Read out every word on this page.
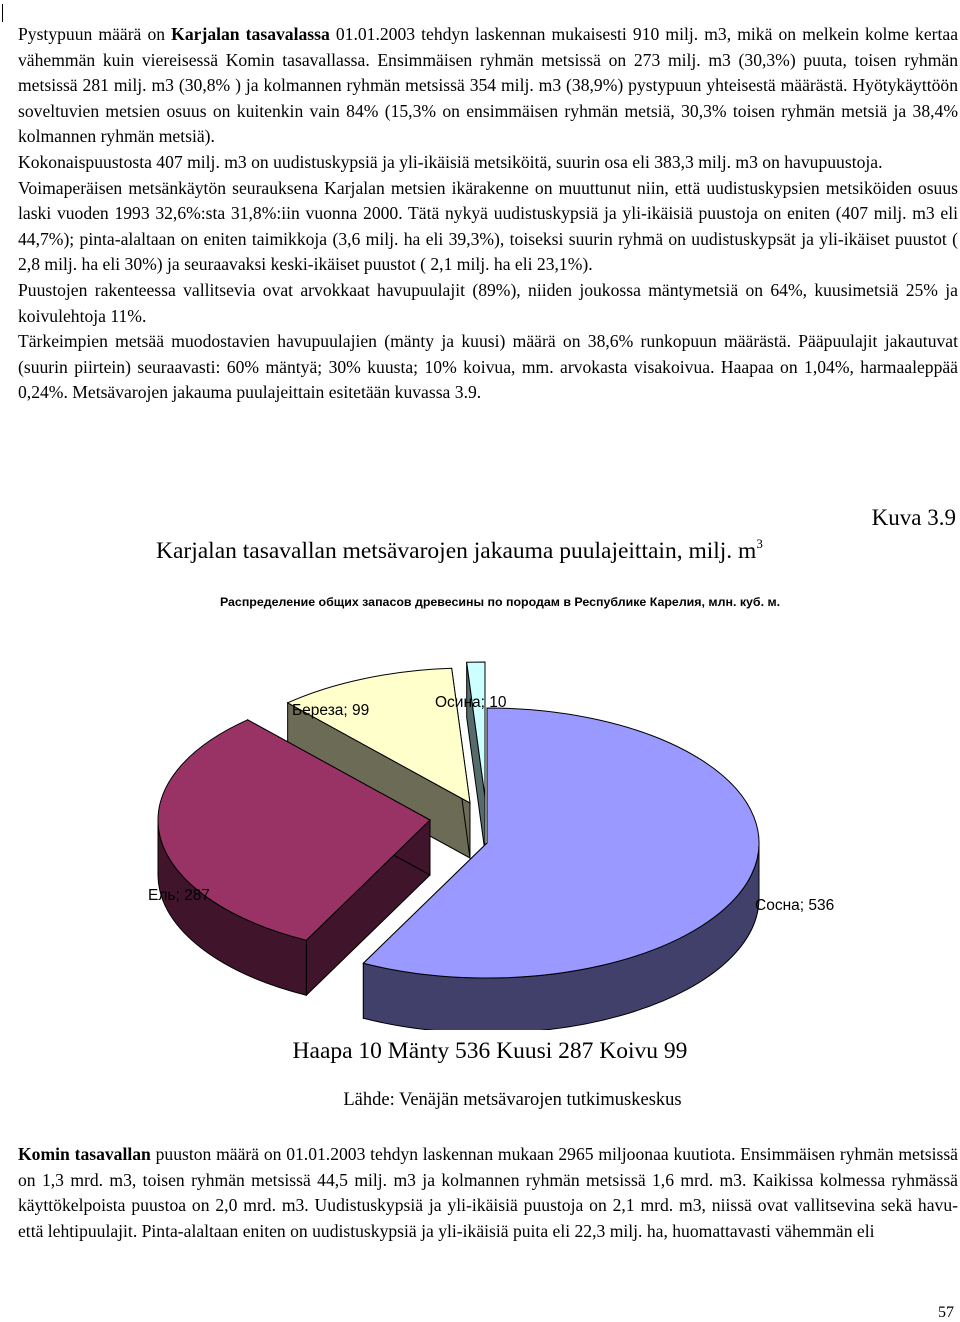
Pystypuun määrä on Karjalan tasavalassa 01.01.2003 tehdyn laskennan mukaisesti 910 milj. m3, mikä on melkein kolme kertaa vähemmän kuin viereisessä Komin tasavallassa. Ensimmäisen ryhmän metsissä on 273 milj. m3 (30,3%) puuta, toisen ryhmän metsissä 281 milj. m3 (30,8% ) ja kolmannen ryhmän metsissä 354 milj. m3 (38,9%) pystypuun yhteisestä määrästä. Hyötykäyttöön soveltuvien metsien osuus on kuitenkin vain 84% (15,3% on ensimmäisen ryhmän metsiä, 30,3% toisen ryhmän metsiä ja 38,4% kolmannen ryhmän metsiä).

Kokonaispuustosta 407 milj. m3 on uudistuskypsiä ja yli-ikäisiä metsiköitä, suurin osa eli 383,3 milj. m3 on havupuustoja.

Voimaperäisen metsänkäytön seurauksena Karjalan metsien ikärakenne on muuttunut niin, että uudistuskypsien metsiköiden osuus laski vuoden 1993 32,6%:sta 31,8%:iin vuonna 2000. Tätä nykyä uudistuskypsiä ja yli-ikäisiä puustoja on eniten (407 milj. m3 eli 44,7%); pinta-alaltaan on eniten taimikkoja (3,6 milj. ha eli 39,3%), toiseksi suurin ryhmä on uudistuskypsät ja yli-ikäiset puustot ( 2,8 milj. ha eli 30%) ja seuraavaksi keski-ikäiset puustot ( 2,1 milj. ha eli 23,1%).

Puustojen rakenteessa vallitsevia ovat arvokkaat havupuulajit (89%), niiden joukossa mäntymetsiä on 64%, kuusimetsiä 25% ja koivulehtoja 11%.

Tärkeimpien metsää muodostavien havupuulajien (mänty ja kuusi) määrä on 38,6% runkopuun määrästä. Pääpuulajit jakautuvat (suurin piirtein) seuraavasti: 60% mäntyä; 30% kuusta; 10% koivua, mm. arvokasta visakoivua. Haapaa on 1,04%, harmaaleppää 0,24%. Metsävarojen jakauma puulajeittain esitetään kuvassa 3.9.

Kuva 3.9
Karjalan tasavallan metsävarojen jakauma puulajeittain, milj. $m^3$
Распределение общих запасов древесины по породам в Республике Карелия, млн. куб. м.
Сосна; 536
Ель; 287
Береза; 99	Осина; 10
Haapa 10 Mänty 536 Kuusi 287 Koivu 99
Lähde: Venäjän metsävarojen tutkimuskeskus

Komin tasavallan puuston määrä on 01.01.2003 tehdyn laskennan mukaan 2965 miljoonaa kuutiota. Ensimmäisen ryhmän metsissä on 1,3 mrd. m3, toisen ryhmän metsissä 44,5 milj. m3 ja kolmannen ryhmän metsissä 1,6 mrd. m3. Kaikissa kolmessa ryhmässä käyttökelpoista puustoa on 2,0 mrd. m3. Uudistuskypsiä ja yli-ikäisiä puustoja on 2,1 mrd. m3, niissä ovat vallitsevina sekä havu- että lehtipuulajit. Pinta-alaltaan eniten on uudistuskypsiä ja yli-ikäisiä puita eli 22,3 milj. ha, huomattavasti vähemmän eli

57
